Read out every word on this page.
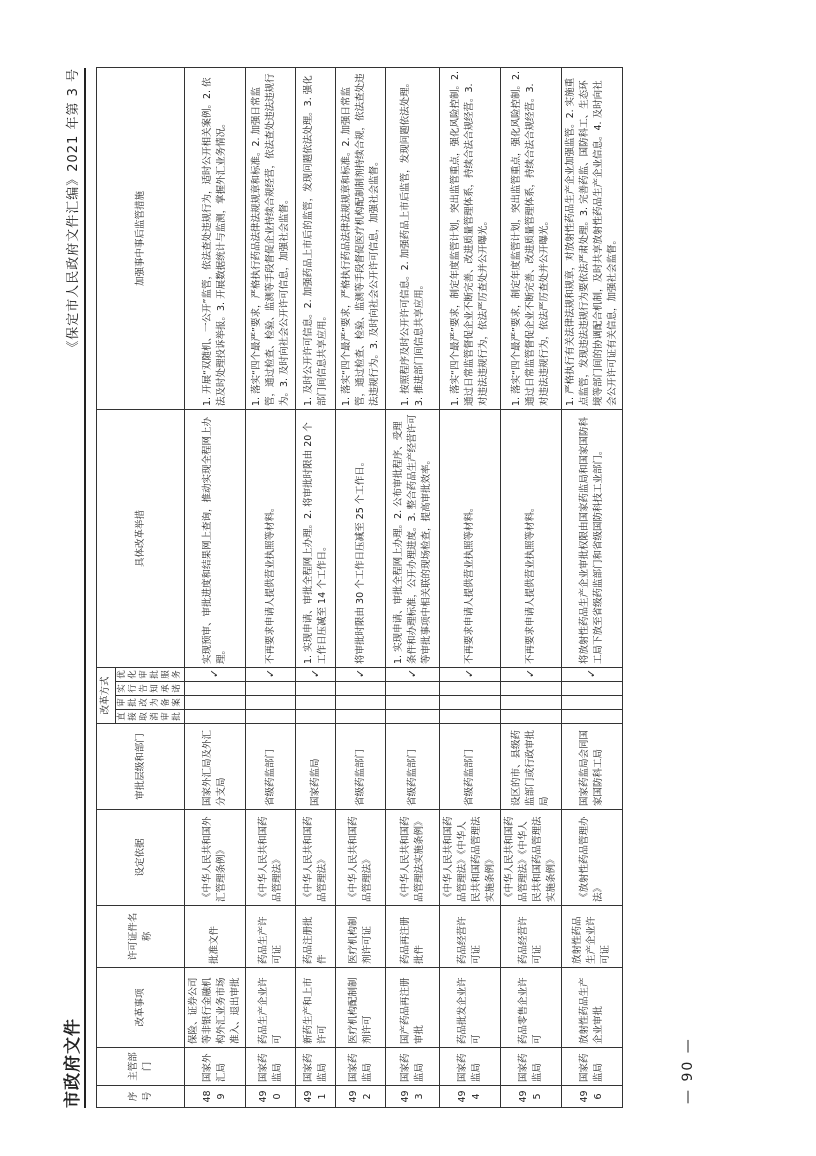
市政府文件
《保定市人民政府文件汇编》2021 年第 3 号
序号	主管部门	改革事项	许可证件名称	设定依据	审批层级和部门	改革方式				具体改革举措	加强事中事后监管措施
						直接取消审批	审批改为备案	实行告知承诺	优化审批服务		
489	国家外汇局	保险、证券公司等非银行金融机构外汇业务市场准入、退出审批	批准文件	《中华人民共和国外汇管理条例》	国家外汇局及外汇分支局				✓	实现预审、审批进度和结果网上查询，推动实现全程网上办理。	1. 开展“双随机、一公开”监管，依法查处违规行为，适时公开相关案例。2. 依法及时处理投诉举报。3. 开展数据统计与监测，掌握外汇业务情况。
490	国家药监局	药品生产企业许可	药品生产许可证	《中华人民共和国药品管理法》	省级药监部门				✓	不再要求申请人提供营业执照等材料。	1. 落实“四个最严”要求，严格执行药品法律法规规章和标准。2. 加强日常监管，通过检查、检验、监测等手段督促企业持续合规经营，依法查处违法违规行为。3. 及时向社会公开许可信息，加强社会监督。
491	国家药监局	新药生产和上市许可	药品注册批件	《中华人民共和国药品管理法》	国家药监局				✓	1. 实现申请、审批全程网上办理。2. 将审批时限由 20 个工作日压减至 14 个工作日。	1. 及时公开许可信息。2. 加强药品上市后的监管，发现问题依法处理。3. 强化部门间信息共享应用。
492	国家药监局	医疗机构配制制剂许可	医疗机构制剂许可证	《中华人民共和国药品管理法》	省级药监部门				✓	将审批时限由 30 个工作日压减至 25 个工作日。	1. 落实“四个最严”要求，严格执行药品法律法规规章和标准。2. 加强日常监管，通过检查、检验、监测等手段督促医疗机构配制制剂持续合规，依法查处违法违规行为。3. 及时向社会公开许可信息，加强社会监督。
493	国家药监局	国产药品再注册审批	药品再注册批件	《中华人民共和国药品管理法实施条例》	省级药监部门				✓	1. 实现申请、审批全程网上办理。2. 公布审批程序、受理条件和办理标准，公开办理进度。3. 整合药品生产经营许可等审批事项中相关联的现场检查，提高审批效率。	1. 按照程序及时公开许可信息。2. 加强药品上市后监管，发现问题依法处理。3. 推进部门间信息共享应用。
494	国家药监局	药品批发企业许可	药品经营许可证	《中华人民共和国药品管理法》《中华人民共和国药品管理法实施条例》	省级药监部门				✓	不再要求申请人提供营业执照等材料。	1. 落实“四个最严”要求，制定年度监管计划，突出监管重点，强化风险控制。2. 通过日常监管督促企业不断完善、改进质量管理体系，持续合法合规经营。3. 对违法违规行为，依法严厉查处并公开曝光。
495	国家药监局	药品零售企业许可	药品经营许可证	《中华人民共和国药品管理法》《中华人民共和国药品管理法实施条例》	设区的市、县级药监部门或行政审批局				✓	不再要求申请人提供营业执照等材料。	1. 落实“四个最严”要求，制定年度监管计划，突出监管重点，强化风险控制。2. 通过日常监管督促企业不断完善、改进质量管理体系，持续合法合规经营。3. 对违法违规行为，依法严厉查处并公开曝光。
496	国家药监局	放射性药品生产企业审批	放射性药品生产企业许可证	《放射性药品管理办法》	国家药监局会同国家国防科工局				✓	将放射性药品生产企业审批权限由国家药监局和国家国防科工局下放至省级药监部门和省级国防科技工业部门。	1. 严格执行有关法律法规和规章，对放射性药品生产企业加强监管。2. 实施重点监管，发现违法违规行为要依法严肃处理。3. 完善药监、国防科工、生态环境等部门间的协调配合机制，及时共享放射性药品生产企业信息。4. 及时向社会公开许可证有关信息，加强社会监督。
— 90 —
